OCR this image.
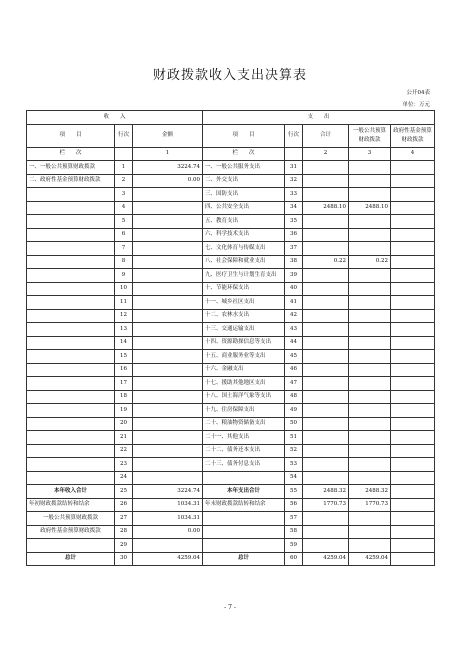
财政拨款收入支出决算表
公开04表
单位：万元
收　　入			支　　出				
项　　目	行次	金额	项　　目	行次	合计	一般公共预算财政拨款	政府性基金预算财政拨款
栏　　次		1	栏　　次		2	3	4
一、一般公共预算财政拨款	1	3224.74	一、一般公共服务支出	31			
二、政府性基金预算财政拨款	2	0.00	二、外交支出	32			
	3		三、国防支出	33			
	4		四、公共安全支出	34	2488.10	2488.10	
	5		五、教育支出	35			
	6		六、科学技术支出	36			
	7		七、文化体育与传媒支出	37			
	8		八、社会保障和就业支出	38	0.22	0.22	
	9		九、医疗卫生与计划生育支出	39			
	10		十、节能环保支出	40			
	11		十一、城乡社区支出	41			
	12		十二、农林水支出	42			
	13		十三、交通运输支出	43			
	14		十四、资源勘探信息等支出	44			
	15		十五、商业服务业等支出	45			
	16		十六、金融支出	46			
	17		十七、援助其他地区支出	47			
	18		十八、国土海洋气象等支出	48			
	19		十九、住房保障支出	49			
	20		二十、粮油物资储备支出	50			
	21		二十一、其他支出	51			
	22		二十二、债务还本支出	52			
	23		二十三、债务付息支出	53			
	24			54			
本年收入合计	25	3224.74	本年支出合计	55	2488.32	2488.32	
年初财政拨款结转和结余	26	1034.31	年末财政拨款结转和结余	56	1770.73	1770.73	
一般公共预算财政拨款	27	1034.31		57			
政府性基金预算财政拨款	28	0.00		58			
	29			59			
总计	30	4259.04	总计	60	4259.04	4259.04	
- 7 -
